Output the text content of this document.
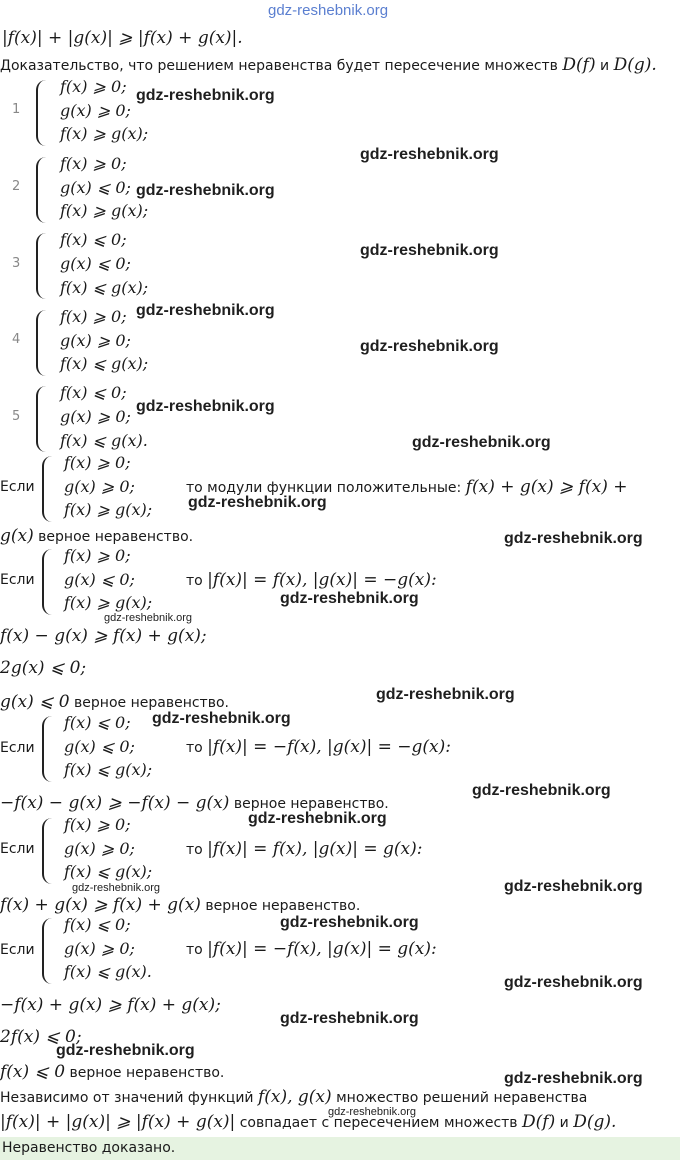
gdz-reshebnik.org
|f(x)| + |g(x)| ⩾ |f(x) + g(x)|.
Доказательство, что решением неравенства будет пересечение множеств D(f) и D(g).
1
f(x) ⩾ 0;
g(x) ⩾ 0;
f(x) ⩾ g(x);
2
f(x) ⩾ 0;
g(x) ⩽ 0;
f(x) ⩾ g(x);
3
f(x) ⩽ 0;
g(x) ⩽ 0;
f(x) ⩽ g(x);
4
f(x) ⩾ 0;
g(x) ⩾ 0;
f(x) ⩽ g(x);
5
f(x) ⩽ 0;
g(x) ⩾ 0;
f(x) ⩽ g(x).
Если
f(x) ⩾ 0;
g(x) ⩾ 0;
f(x) ⩾ g(x);
то модули функции положительные: f(x) + g(x) ⩾ f(x) +
g(x) верное неравенство.
Если
f(x) ⩾ 0;
g(x) ⩽ 0;
f(x) ⩾ g(x);
то |f(x)| = f(x), |g(x)| = −g(x):
f(x) − g(x) ⩾ f(x) + g(x);
2g(x) ⩽ 0;
g(x) ⩽ 0 верное неравенство.
Если
f(x) ⩽ 0;
g(x) ⩽ 0;
f(x) ⩽ g(x);
то |f(x)| = −f(x), |g(x)| = −g(x):
−f(x) − g(x) ⩾ −f(x) − g(x) верное неравенство.
Если
f(x) ⩾ 0;
g(x) ⩾ 0;
f(x) ⩽ g(x);
то |f(x)| = f(x), |g(x)| = g(x):
f(x) + g(x) ⩾ f(x) + g(x) верное неравенство.
Если
f(x) ⩽ 0;
g(x) ⩾ 0;
f(x) ⩽ g(x).
то |f(x)| = −f(x), |g(x)| = g(x):
−f(x) + g(x) ⩾ f(x) + g(x);
2f(x) ⩽ 0;
f(x) ⩽ 0 верное неравенство.
Независимо от значений функций f(x), g(x) множество решений неравенства
|f(x)| + |g(x)| ⩾ |f(x) + g(x)| совпадает с пересечением множеств D(f) и D(g).
Неравенство доказано.
gdz-reshebnik.org
gdz-reshebnik.org
gdz-reshebnik.org
gdz-reshebnik.org
gdz-reshebnik.org
gdz-reshebnik.org
gdz-reshebnik.org
gdz-reshebnik.org
gdz-reshebnik.org
gdz-reshebnik.org
gdz-reshebnik.org
gdz-reshebnik.org
gdz-reshebnik.org
gdz-reshebnik.org
gdz-reshebnik.org
gdz-reshebnik.org
gdz-reshebnik.org
gdz-reshebnik.org
gdz-reshebnik.org
gdz-reshebnik.org
gdz-reshebnik.org
gdz-reshebnik.org
gdz-reshebnik.org
gdz-reshebnik.org
